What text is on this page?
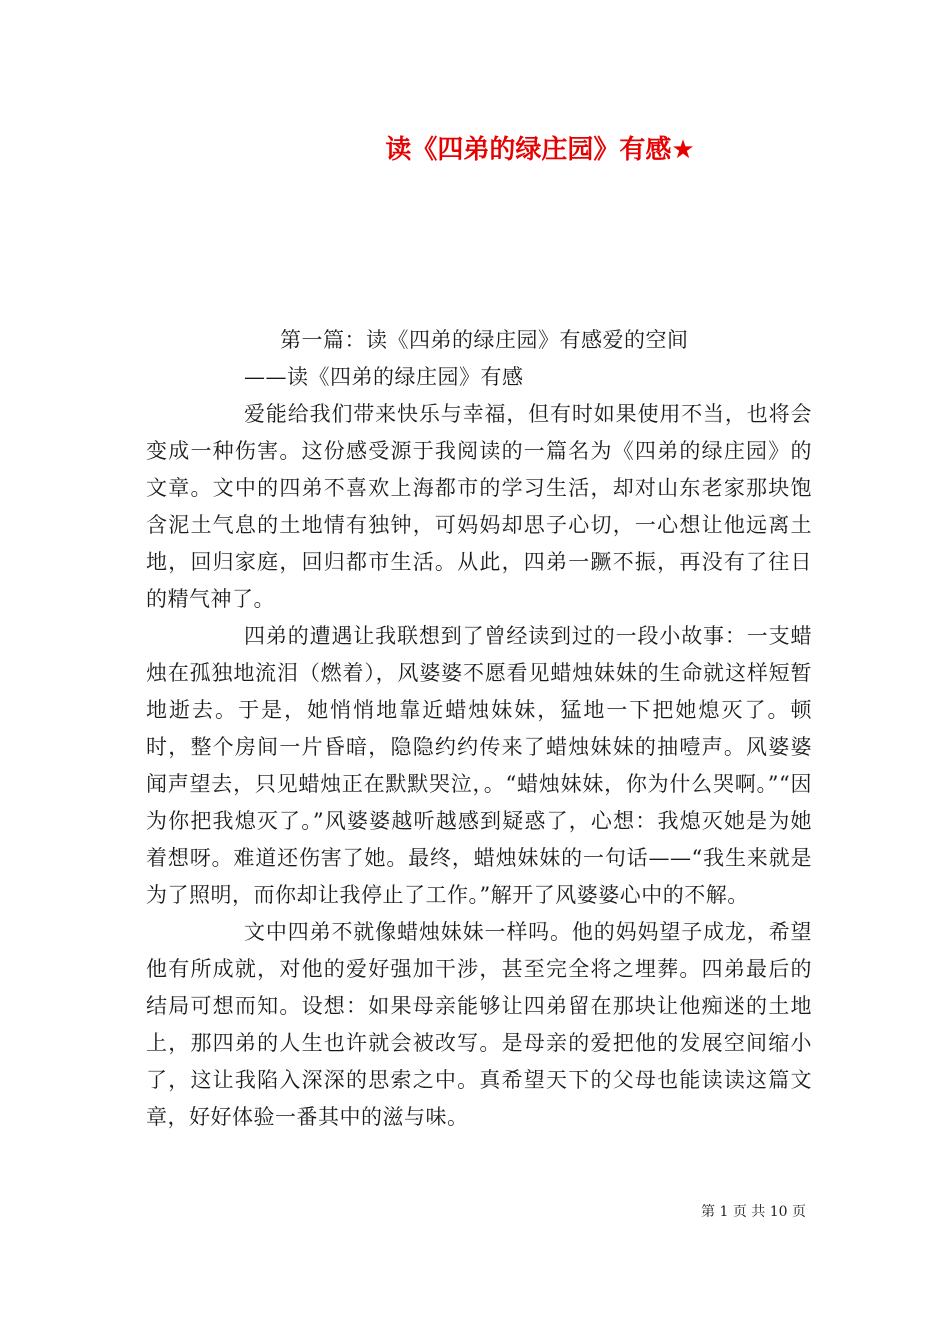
读《四弟的绿庄园》有感★

第一篇：读《四弟的绿庄园》有感爱的空间

——读《四弟的绿庄园》有感

爱能给我们带来快乐与幸福，但有时如果使用不当，也将会变成一种伤害。这份感受源于我阅读的一篇名为《四弟的绿庄园》的文章。文中的四弟不喜欢上海都市的学习生活，却对山东老家那块饱含泥土气息的土地情有独钟，可妈妈却思子心切，一心想让他远离土地，回归家庭，回归都市生活。从此，四弟一蹶不振，再没有了往日的精气神了。

四弟的遭遇让我联想到了曾经读到过的一段小故事：一支蜡烛在孤独地流泪（燃着），风婆婆不愿看见蜡烛妹妹的生命就这样短暂地逝去。于是，她悄悄地靠近蜡烛妹妹，猛地一下把她熄灭了。顿时，整个房间一片昏暗，隐隐约约传来了蜡烛妹妹的抽噎声。风婆婆闻声望去，只见蜡烛正在默默哭泣，。“蜡烛妹妹，你为什么哭啊。”“因为你把我熄灭了。”风婆婆越听越感到疑惑了，心想：我熄灭她是为她着想呀。难道还伤害了她。最终，蜡烛妹妹的一句话——“我生来就是为了照明，而你却让我停止了工作。”解开了风婆婆心中的不解。

文中四弟不就像蜡烛妹妹一样吗。他的妈妈望子成龙，希望他有所成就，对他的爱好强加干涉，甚至完全将之埋葬。四弟最后的结局可想而知。设想：如果母亲能够让四弟留在那块让他痴迷的土地上，那四弟的人生也许就会被改写。是母亲的爱把他的发展空间缩小了，这让我陷入深深的思索之中。真希望天下的父母也能读读这篇文章，好好体验一番其中的滋与味。

第 1 页 共 10 页
